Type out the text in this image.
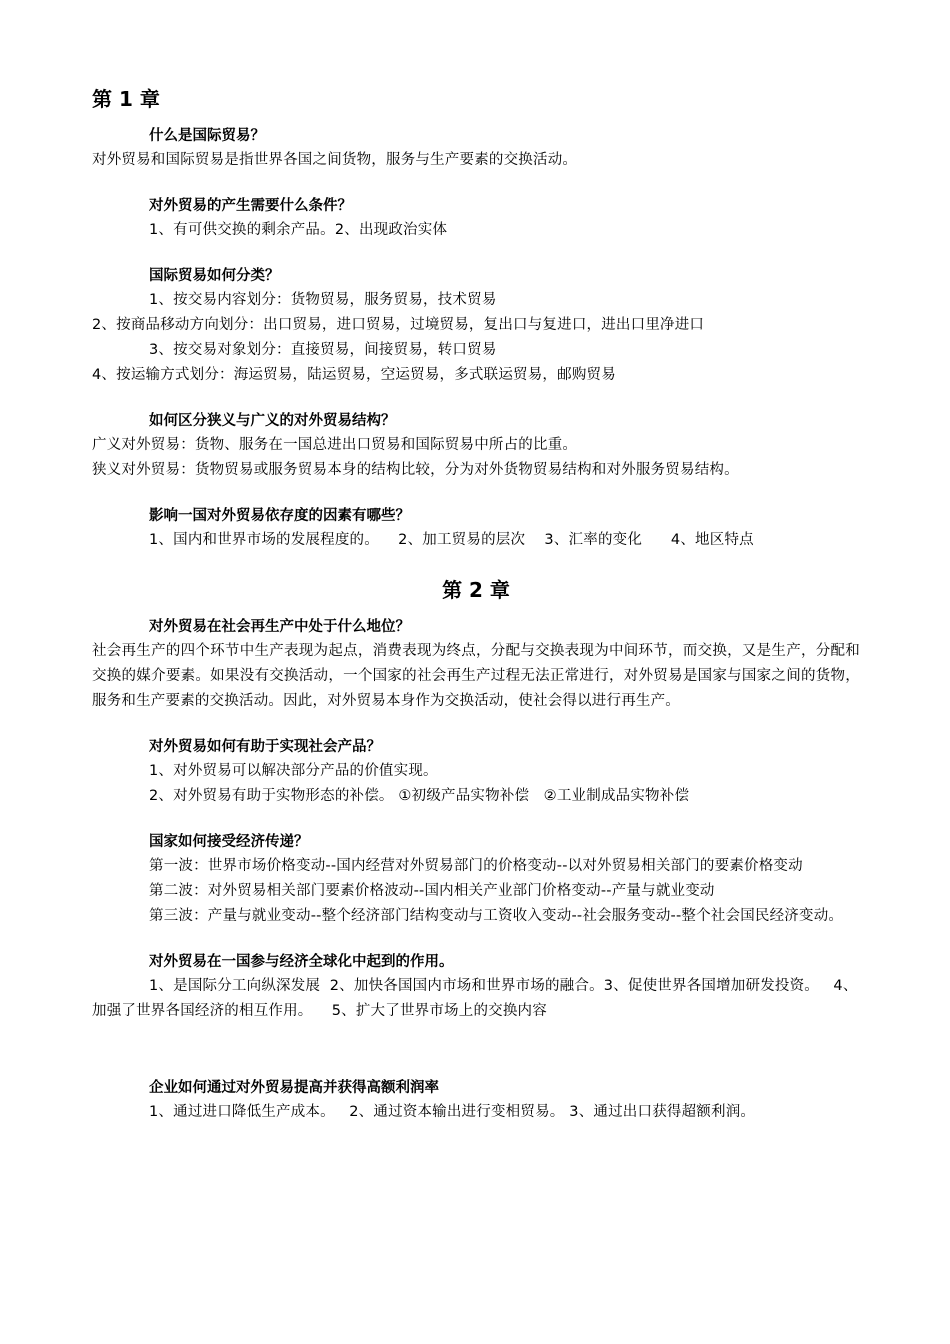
第 1 章

什么是国际贸易？

对外贸易和国际贸易是指世界各国之间货物，服务与生产要素的交换活动。

对外贸易的产生需要什么条件？

1、有可供交换的剩余产品。2、出现政治实体

国际贸易如何分类？

1、按交易内容划分：货物贸易，服务贸易，技术贸易

2、按商品移动方向划分：出口贸易，进口贸易，过境贸易，复出口与复进口，进出口里净进口

3、按交易对象划分：直接贸易，间接贸易，转口贸易

4、按运输方式划分：海运贸易，陆运贸易，空运贸易，多式联运贸易，邮购贸易

如何区分狭义与广义的对外贸易结构？

广义对外贸易：货物、服务在一国总进出口贸易和国际贸易中所占的比重。

狭义对外贸易：货物贸易或服务贸易本身的结构比较，分为对外货物贸易结构和对外服务贸易结构。

影响一国对外贸易依存度的因素有哪些？

1、国内和世界市场的发展程度的。    2、加工贸易的层次    3、汇率的变化      4、地区特点

第 2 章

对外贸易在社会再生产中处于什么地位？

社会再生产的四个环节中生产表现为起点，消费表现为终点，分配与交换表现为中间环节，而交换，又是生产，分配和交换的媒介要素。如果没有交换活动，一个国家的社会再生产过程无法正常进行，对外贸易是国家与国家之间的货物，服务和生产要素的交换活动。因此，对外贸易本身作为交换活动，使社会得以进行再生产。

对外贸易如何有助于实现社会产品？

1、对外贸易可以解决部分产品的价值实现。

2、对外贸易有助于实物形态的补偿。 ①初级产品实物补偿   ②工业制成品实物补偿

国家如何接受经济传递？

第一波：世界市场价格变动--国内经营对外贸易部门的价格变动--以对外贸易相关部门的要素价格变动

第二波：对外贸易相关部门要素价格波动--国内相关产业部门价格变动--产量与就业变动

第三波：产量与就业变动--整个经济部门结构变动与工资收入变动--社会服务变动--整个社会国民经济变动。

对外贸易在一国参与经济全球化中起到的作用。

1、是国际分工向纵深发展  2、加快各国国内市场和世界市场的融合。3、促使世界各国增加研发投资。   4、加强了世界各国经济的相互作用。    5、扩大了世界市场上的交换内容

企业如何通过对外贸易提高并获得高额利润率

1、通过进口降低生产成本。   2、通过资本输出进行变相贸易。 3、通过出口获得超额利润。
